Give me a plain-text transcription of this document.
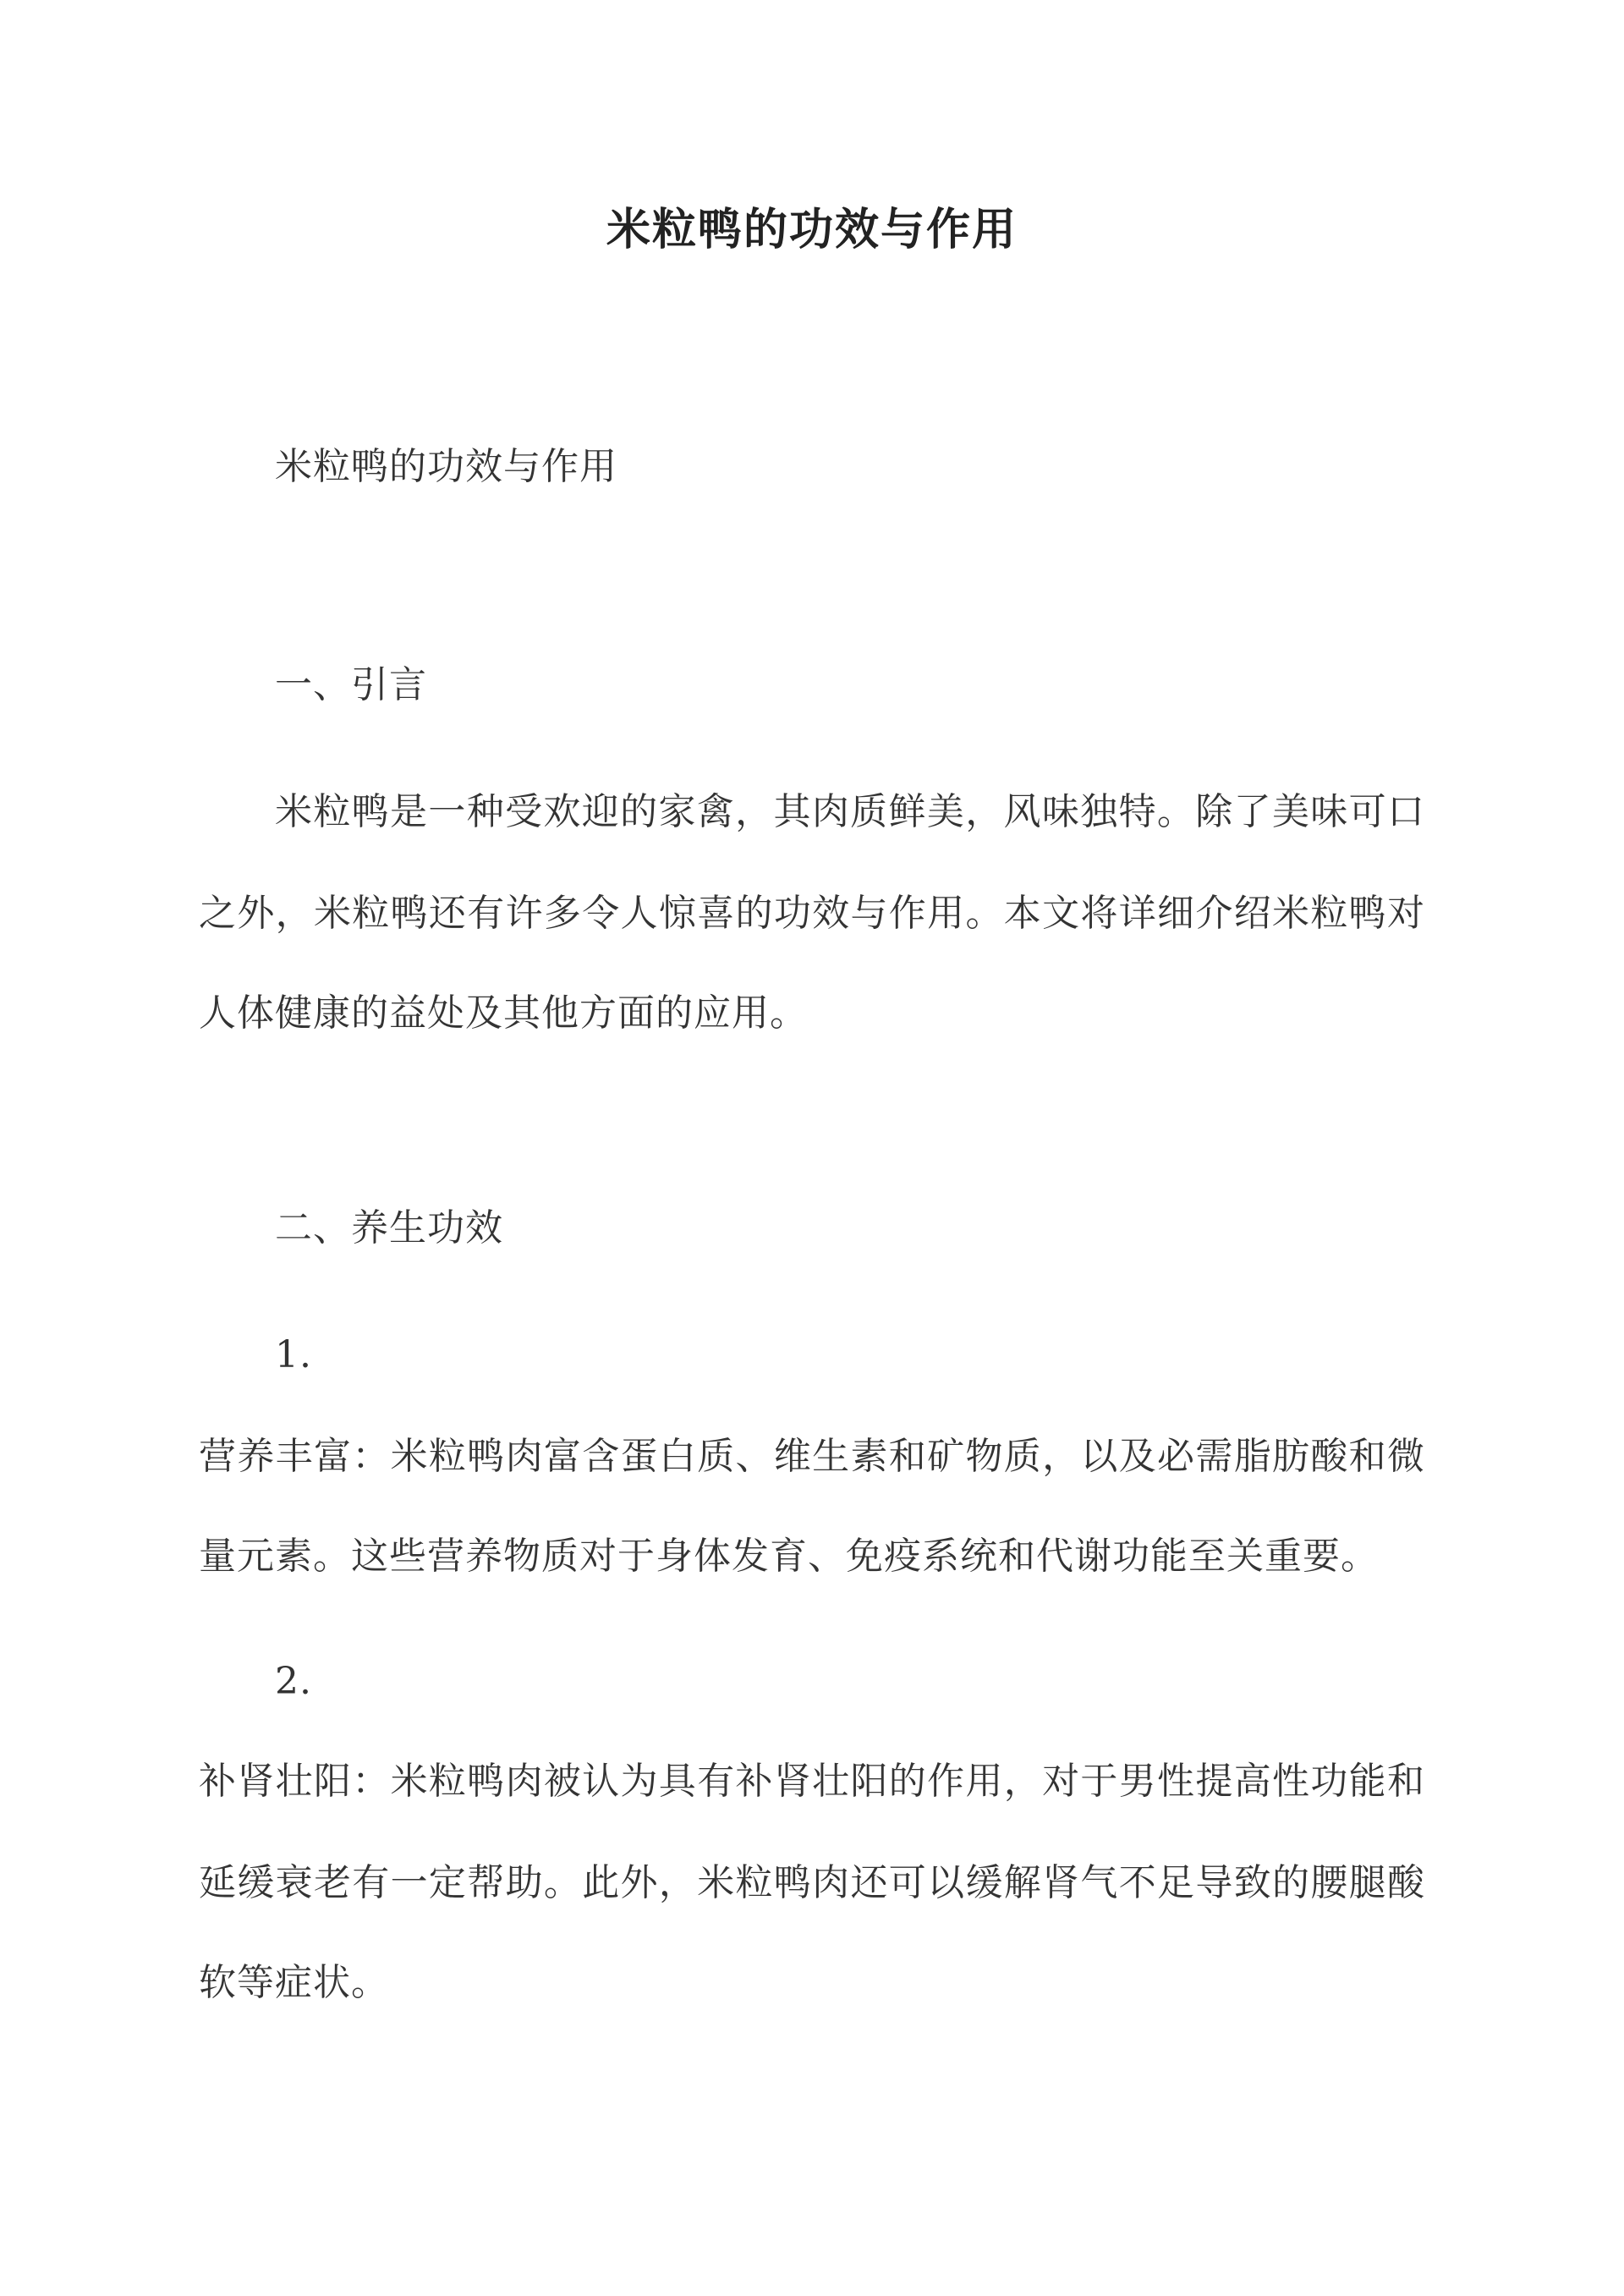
米粒鸭的功效与作用

米粒鸭的功效与作用

一、引言

米粒鸭是一种受欢迎的家禽，其肉质鲜美，风味独特。除了美味可口

之外，米粒鸭还有许多令人惊喜的功效与作用。本文将详细介绍米粒鸭对

人体健康的益处及其他方面的应用。

二、养生功效

1.

营养丰富：米粒鸭肉富含蛋白质、维生素和矿物质，以及必需脂肪酸和微

量元素。这些营养物质对于身体发育、免疫系统和代谢功能至关重要。

2.

补肾壮阳：米粒鸭肉被认为具有补肾壮阳的作用，对于男性提高性功能和

延缓衰老有一定帮助。此外，米粒鸭肉还可以缓解肾气不足导致的腰腿酸

软等症状。
